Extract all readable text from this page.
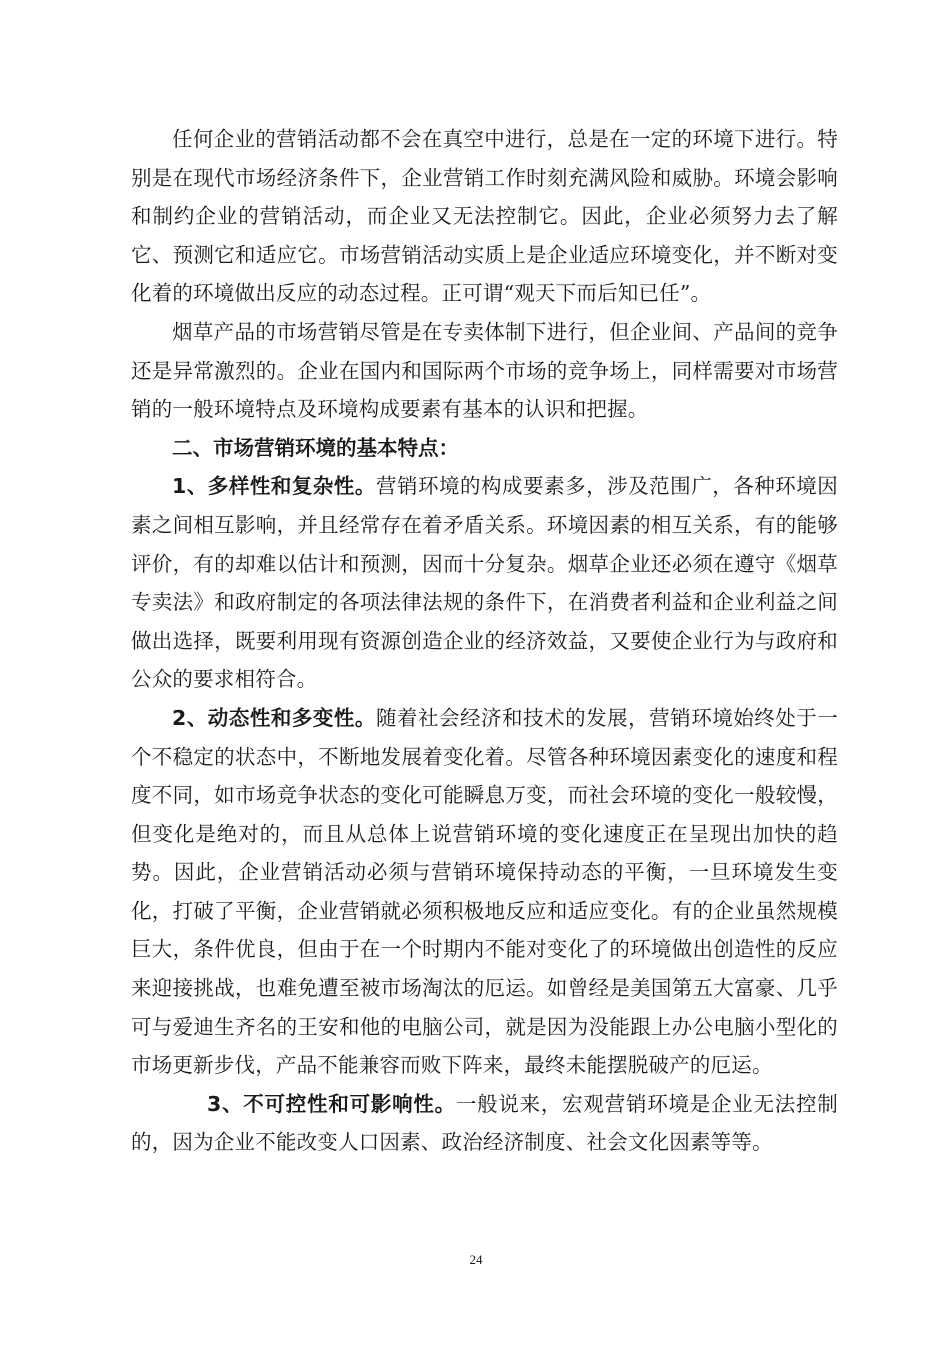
任何企业的营销活动都不会在真空中进行，总是在一定的环境下进行。特别是在现代市场经济条件下，企业营销工作时刻充满风险和威胁。环境会影响和制约企业的营销活动，而企业又无法控制它。因此，企业必须努力去了解它、预测它和适应它。市场营销活动实质上是企业适应环境变化，并不断对变化着的环境做出反应的动态过程。正可谓“观天下而后知已任”。

烟草产品的市场营销尽管是在专卖体制下进行，但企业间、产品间的竞争还是异常激烈的。企业在国内和国际两个市场的竞争场上，同样需要对市场营销的一般环境特点及环境构成要素有基本的认识和把握。

二、市场营销环境的基本特点：

1、多样性和复杂性。营销环境的构成要素多，涉及范围广，各种环境因素之间相互影响，并且经常存在着矛盾关系。环境因素的相互关系，有的能够评价，有的却难以估计和预测，因而十分复杂。烟草企业还必须在遵守《烟草专卖法》和政府制定的各项法律法规的条件下，在消费者利益和企业利益之间做出选择，既要利用现有资源创造企业的经济效益，又要使企业行为与政府和公众的要求相符合。

2、动态性和多变性。随着社会经济和技术的发展，营销环境始终处于一个不稳定的状态中，不断地发展着变化着。尽管各种环境因素变化的速度和程度不同，如市场竞争状态的变化可能瞬息万变，而社会环境的变化一般较慢，但变化是绝对的，而且从总体上说营销环境的变化速度正在呈现出加快的趋势。因此，企业营销活动必须与营销环境保持动态的平衡，一旦环境发生变化，打破了平衡，企业营销就必须积极地反应和适应变化。有的企业虽然规模巨大，条件优良，但由于在一个时期内不能对变化了的环境做出创造性的反应来迎接挑战，也难免遭至被市场淘汰的厄运。如曾经是美国第五大富豪、几乎可与爱迪生齐名的王安和他的电脑公司，就是因为没能跟上办公电脑小型化的市场更新步伐，产品不能兼容而败下阵来，最终未能摆脱破产的厄运。

3、不可控性和可影响性。一般说来，宏观营销环境是企业无法控制的，因为企业不能改变人口因素、政治经济制度、社会文化因素等等。

24
